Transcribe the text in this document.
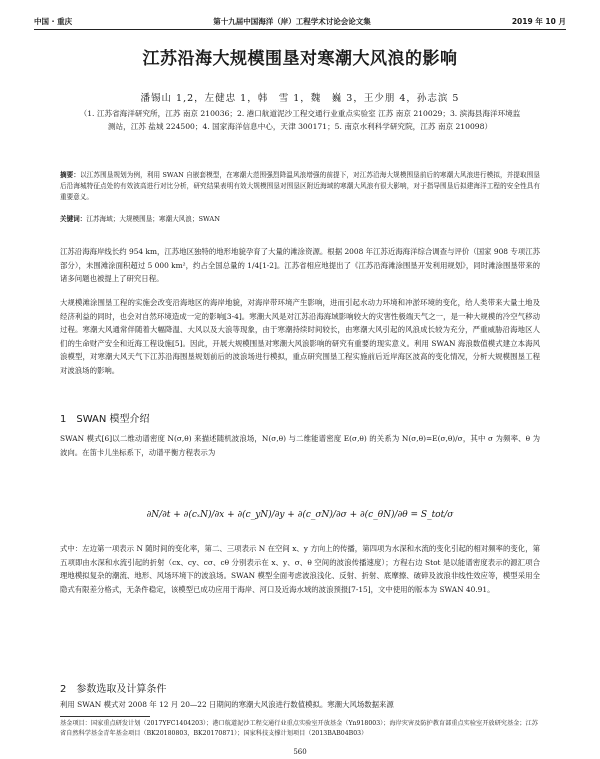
中国 · 重庆	第十九届中国海洋（岸）工程学术讨论会论文集	2019 年 10 月
江苏沿海大规模围垦对寒潮大风浪的影响
潘锡山 1,2，左健忠 1，韩　雪 1，魏　巍 3，王少朋 4，孙志滨 5
（1. 江苏省海洋研究所，江苏 南京 210036；2. 港口航道泥沙工程交通行业重点实验室 江苏 南京 210029；3. 滨海县海洋环境监测站，江苏 盐城 224500；4. 国家海洋信息中心，天津 300171；5. 南京水利科学研究院，江苏 南京 210098）
摘要：以江苏围垦规划为例，利用 SWAN 自嵌套模型，在寒潮大范围强烈降温风浪增强的前提下，对江苏沿海大规模围垦前后的寒潮大风浪进行模拟，并提取围垦后沿海城特征点处的有效波高进行对比分析，研究结果表明有效大规模围垦对围垦区附近海域的寒潮大风浪有很大影响，对于指导围垦后拟建海洋工程的安全性具有重要意义。
关键词：江苏海域；大规模围垦；寒潮大风浪；SWAN
江苏沿海海岸线长约 954 km，江苏地区独特的地形地貌孕育了大量的滩涂资源。根据 2008 年江苏近海海洋综合调查与评价（国家 908 专项江苏部分），未围滩涂面积超过 5 000 km²，约占全国总量的 1/4[1-2]。江苏省相应地提出了《江苏沿海滩涂围垦开发利用规划》，同时滩涂围垦带来的诸多问题也被提上了研究日程。
大规模滩涂围垦工程的实施会改变沿海地区的海岸地貌，对海岸带环境产生影响，进而引起水动力环境和冲淤环境的变化，给人类带来大量土地及经济利益的同时，也会对自然环境造成一定的影响[3-4]。寒潮大风是对江苏沿海海域影响较大的灾害性极端天气之一，是一种大规模的冷空气移动过程。寒潮大风通常伴随着大幅降温、大风以及大浪等现象，由于寒潮持续时间较长，由寒潮大风引起的风浪成长较为充分，严重威胁沿海地区人们的生命财产安全和近海工程设施[5]。因此，开展大规模围垦对寒潮大风浪影响的研究有重要的现实意义。利用 SWAN 海浪数值模式建立本海风浪模型，对寒潮大风天气下江苏沿海围垦规划前后的波浪场进行模拟，重点研究围垦工程实施前后近岸海区波高的变化情况，分析大规模围垦工程对波浪场的影响。
1　SWAN 模型介绍
SWAN 模式[6]以二维动谱密度 N(σ,θ) 来描述随机波浪场，N(σ,θ) 与二维能谱密度 E(σ,θ) 的关系为 N(σ,θ)=E(σ,θ)/σ，其中 σ 为频率、θ 为波向。在笛卡儿坐标系下，动谱平衡方程表示为
∂N/∂t + ∂(cₓN)/∂x + ∂(c_yN)/∂y + ∂(c_σN)/∂σ + ∂(c_θN)/∂θ = S_tot/σ
式中：左边第一项表示 N 随时间的变化率，第二、三项表示 N 在空间 x、y 方向上的传播，第四项为水深和水流的变化引起的相对频率的变化，第五项即由水深和水流引起的折射（cx、cy、cσ、cθ 分别表示在 x、y、σ、θ 空间的波浪传播速度）；方程右边 Stot 是以能谱密度表示的源汇项合理地模拟复杂的潮流、地形、风场环境下的波浪场。SWAN 模型全面考虑波浪浅化、反射、折射、底摩擦、破碎及波浪非线性效应等，模型采用全隐式有限差分格式，无条件稳定，该模型已成功应用于海岸、河口及近海水域的波浪预报[7-15]，文中使用的版本为 SWAN 40.91。
2　参数选取及计算条件
利用 SWAN 模式对 2008 年 12 月 20—22 日期间的寒潮大风浪进行数值模拟。寒潮大风场数据来源
基金项目：国家重点研发计划（2017YFC1404203）；港口航道泥沙工程交通行业重点实验室开放基金（Yn918003）；海岸灾害及防护教育部重点实验室开放研究基金；江苏省自然科学基金青年基金项目（BK20180803，BK20170871）；国家科技支撑计划项目（2013BAB04B03）
560
